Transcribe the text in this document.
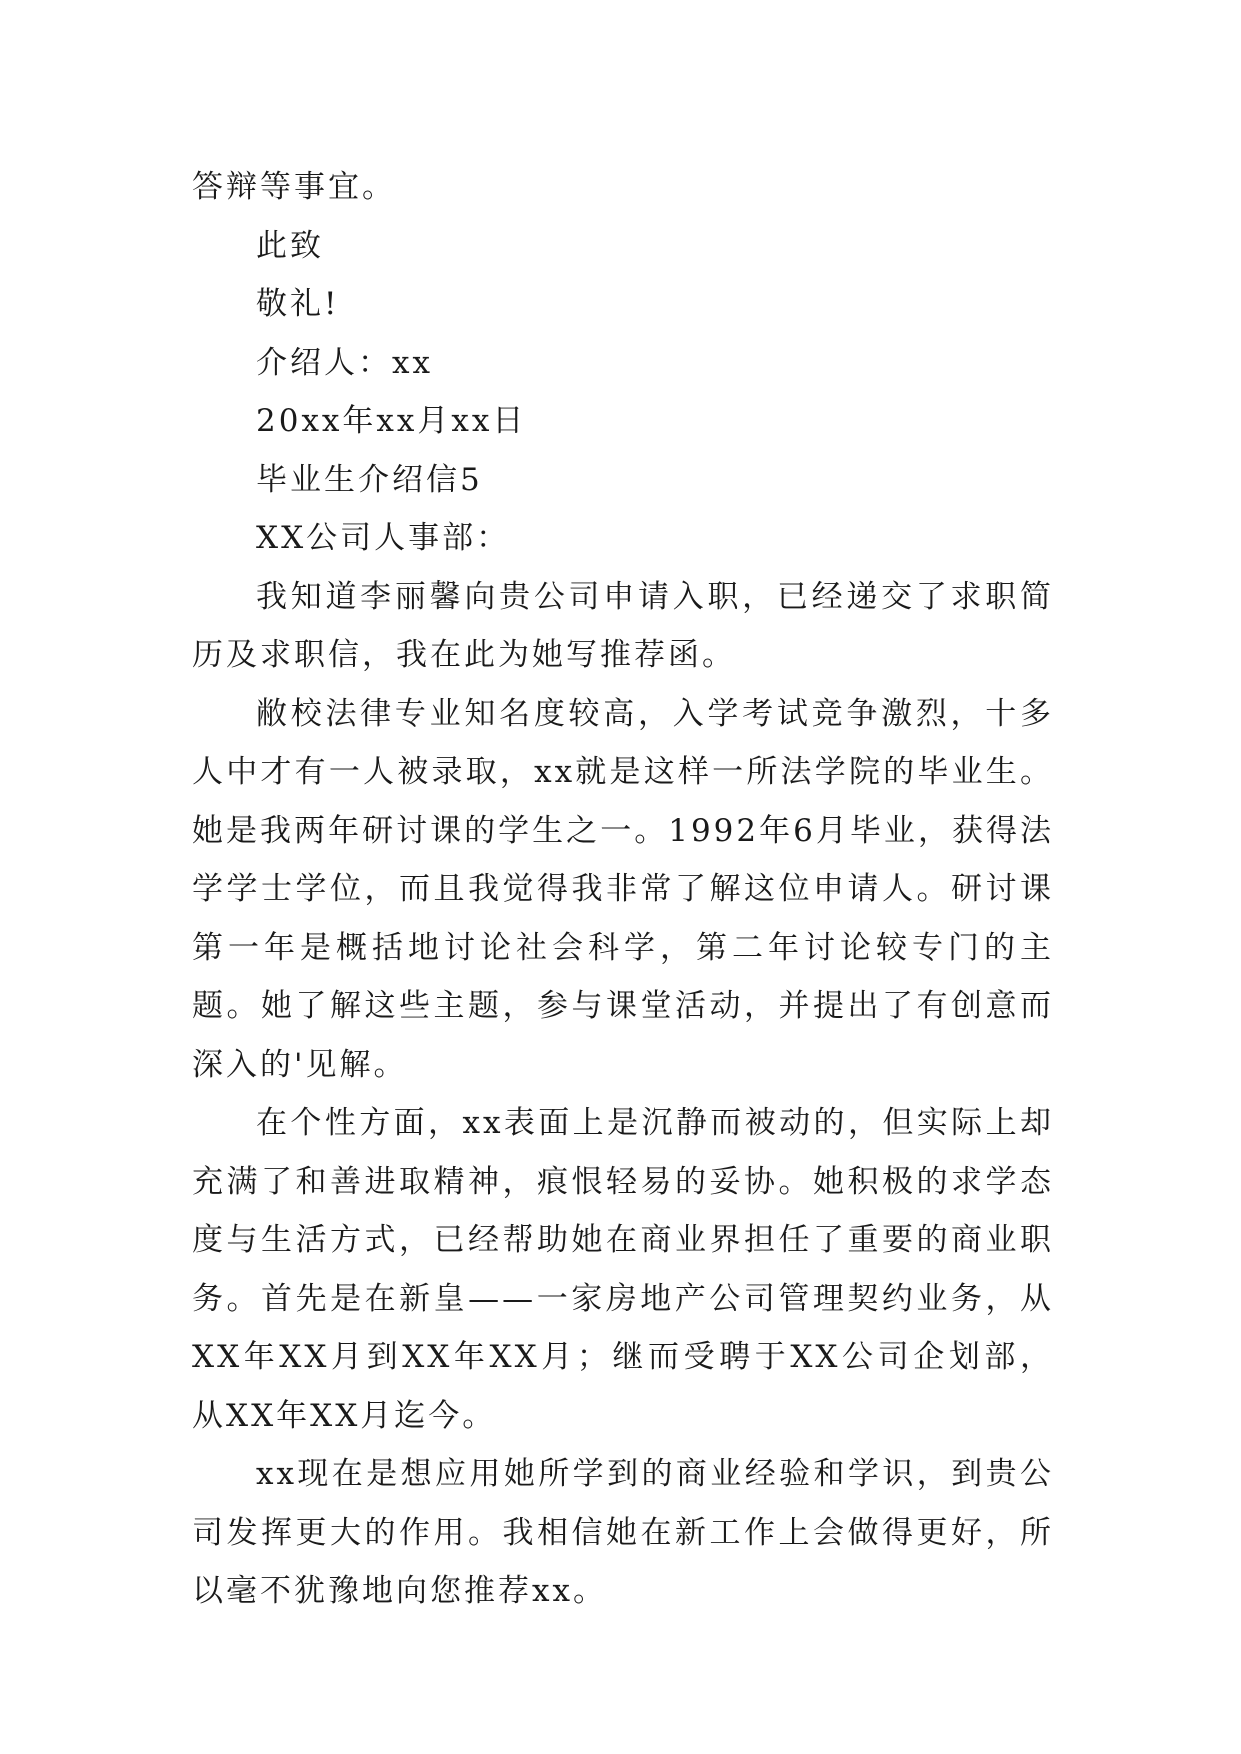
答辩等事宜。

此致

敬礼!

介绍人：xx

20xx年xx月xx日

毕业生介绍信5

XX公司人事部：

我知道李丽馨向贵公司申请入职，已经递交了求职简历及求职信，我在此为她写推荐函。

敝校法律专业知名度较高，入学考试竞争激烈，十多人中才有一人被录取，xx就是这样一所法学院的毕业生。她是我两年研讨课的学生之一。1992年6月毕业，获得法学学士学位，而且我觉得我非常了解这位申请人。研讨课第一年是概括地讨论社会科学，第二年讨论较专门的主题。她了解这些主题，参与课堂活动，并提出了有创意而深入的'见解。

在个性方面，xx表面上是沉静而被动的，但实际上却充满了和善进取精神，痕恨轻易的妥协。她积极的求学态度与生活方式，已经帮助她在商业界担任了重要的商业职务。首先是在新皇——一家房地产公司管理契约业务，从XX年XX月到XX年XX月；继而受聘于XX公司企划部，从XX年XX月迄今。

xx现在是想应用她所学到的商业经验和学识，到贵公司发挥更大的作用。我相信她在新工作上会做得更好，所以毫不犹豫地向您推荐xx。
